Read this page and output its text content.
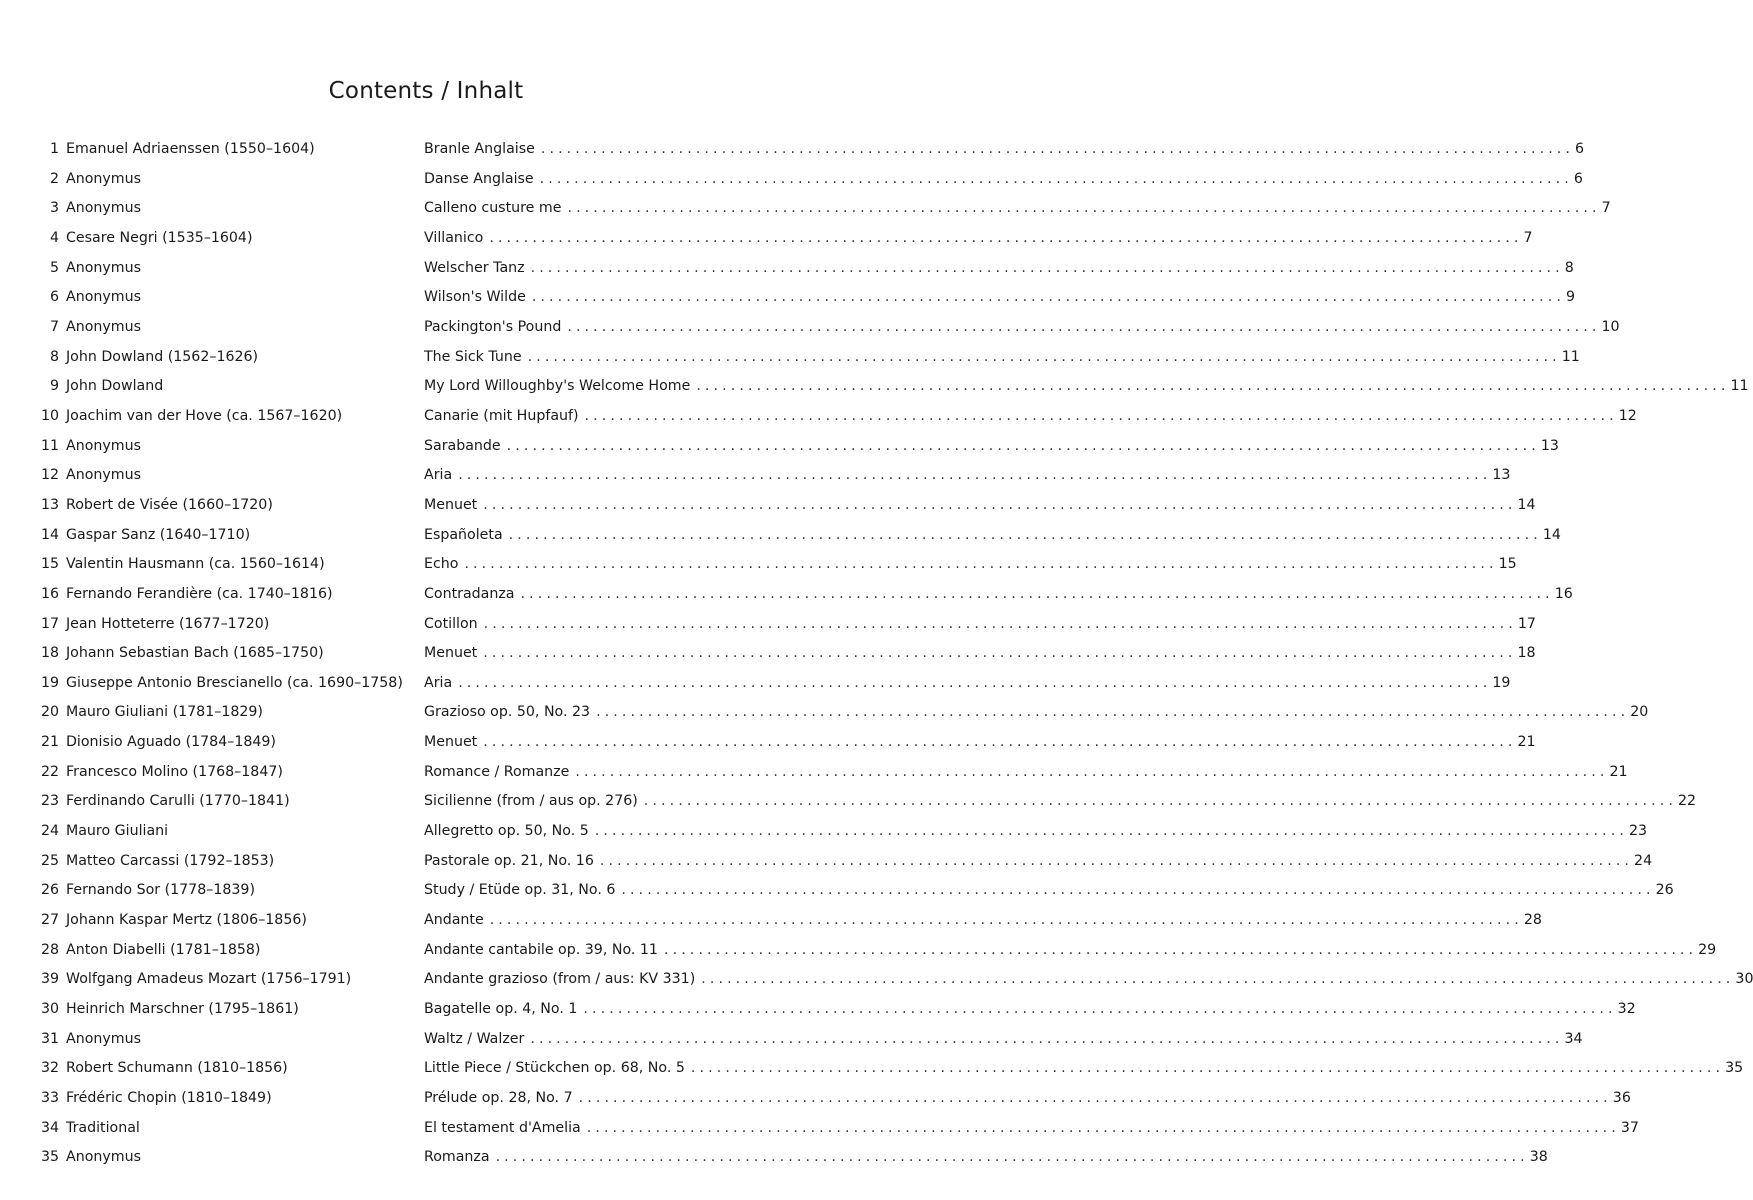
Contents / Inhalt
1 Emanuel Adriaenssen (1550–1604)	Branle Anglaise ........................................................................................................................ 6
2 Anonymus	Danse Anglaise ........................................................................................................................ 6
3 Anonymus	Calleno custure me ........................................................................................................................ 7
4 Cesare Negri (1535–1604)	Villanico ........................................................................................................................ 7
5 Anonymus	Welscher Tanz ........................................................................................................................ 8
6 Anonymus	Wilson's Wilde ........................................................................................................................ 9
7 Anonymus	Packington's Pound ........................................................................................................................ 10
8 John Dowland (1562–1626)	The Sick Tune ........................................................................................................................ 11
9 John Dowland	My Lord Willoughby's Welcome Home ........................................................................................................................ 11
10 Joachim van der Hove (ca. 1567–1620)	Canarie (mit Hupfauf) ........................................................................................................................ 12
11 Anonymus	Sarabande ........................................................................................................................ 13
12 Anonymus	Aria ........................................................................................................................ 13
13 Robert de Visée (1660–1720)	Menuet ........................................................................................................................ 14
14 Gaspar Sanz (1640–1710)	Españoleta ........................................................................................................................ 14
15 Valentin Hausmann (ca. 1560–1614)	Echo ........................................................................................................................ 15
16 Fernando Ferandière (ca. 1740–1816)	Contradanza ........................................................................................................................ 16
17 Jean Hotteterre (1677–1720)	Cotillon ........................................................................................................................ 17
18 Johann Sebastian Bach (1685–1750)	Menuet ........................................................................................................................ 18
19 Giuseppe Antonio Brescianello (ca. 1690–1758) Aria ........................................................................................................................ 19
20 Mauro Giuliani (1781–1829)	Grazioso op. 50, No. 23 ........................................................................................................................ 20
21 Dionisio Aguado (1784–1849)	Menuet ........................................................................................................................ 21
22 Francesco Molino (1768–1847)	Romance / Romanze ........................................................................................................................ 21
23 Ferdinando Carulli (1770–1841)	Sicilienne (from / aus op. 276) ........................................................................................................................ 22
24 Mauro Giuliani	Allegretto op. 50, No. 5 ........................................................................................................................ 23
25 Matteo Carcassi (1792–1853)	Pastorale op. 21, No. 16 ........................................................................................................................ 24
26 Fernando Sor (1778–1839)	Study / Etüde op. 31, No. 6 ........................................................................................................................ 26
27 Johann Kaspar Mertz (1806–1856)	Andante ........................................................................................................................ 28
28 Anton Diabelli (1781–1858)	Andante cantabile op. 39, No. 11 ........................................................................................................................ 29
39 Wolfgang Amadeus Mozart (1756–1791)	Andante grazioso (from / aus: KV 331) ........................................................................................................................ 30
30 Heinrich Marschner (1795–1861)	Bagatelle op. 4, No. 1 ........................................................................................................................ 32
31 Anonymus	Waltz / Walzer ........................................................................................................................ 34
32 Robert Schumann (1810–1856)	Little Piece / Stückchen op. 68, No. 5 ........................................................................................................................ 35
33 Frédéric Chopin (1810–1849)	Prélude op. 28, No. 7 ........................................................................................................................ 36
34 Traditional	El testament d'Amelia ........................................................................................................................ 37
35 Anonymus	Romanza ........................................................................................................................ 38
